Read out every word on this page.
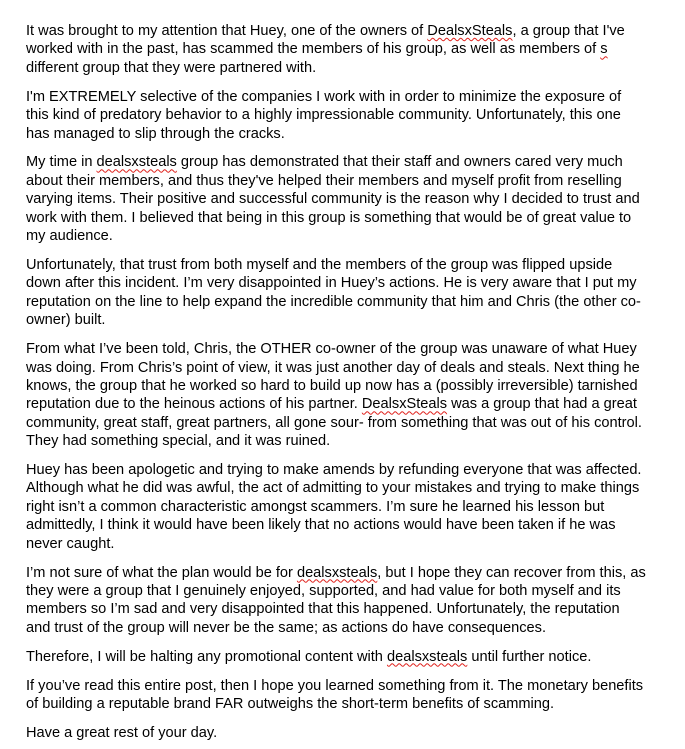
It was brought to my attention that Huey, one of the owners of DealsxSteals, a group that I've
worked with in the past, has scammed the members of his group, as well as members of s
different group that they were partnered with.

I'm EXTREMELY selective of the companies I work with in order to minimize the exposure of
this kind of predatory behavior to a highly impressionable community. Unfortunately, this one
has managed to slip through the cracks.

My time in dealsxsteals group has demonstrated that their staff and owners cared very much
about their members, and thus they've helped their members and myself profit from reselling
varying items. Their positive and successful community is the reason why I decided to trust and
work with them. I believed that being in this group is something that would be of great value to
my audience.

Unfortunately, that trust from both myself and the members of the group was flipped upside
down after this incident. I’m very disappointed in Huey’s actions. He is very aware that I put my
reputation on the line to help expand the incredible community that him and Chris (the other co-
owner) built.

From what I’ve been told, Chris, the OTHER co-owner of the group was unaware of what Huey
was doing. From Chris’s point of view, it was just another day of deals and steals. Next thing he
knows, the group that he worked so hard to build up now has a (possibly irreversible) tarnished
reputation due to the heinous actions of his partner. DealsxSteals was a group that had a great
community, great staff, great partners, all gone sour- from something that was out of his control.
They had something special, and it was ruined.

Huey has been apologetic and trying to make amends by refunding everyone that was affected.
Although what he did was awful, the act of admitting to your mistakes and trying to make things
right isn’t a common characteristic amongst scammers. I’m sure he learned his lesson but
admittedly, I think it would have been likely that no actions would have been taken if he was
never caught.

I’m not sure of what the plan would be for dealsxsteals, but I hope they can recover from this, as
they were a group that I genuinely enjoyed, supported, and had value for both myself and its
members so I’m sad and very disappointed that this happened. Unfortunately, the reputation
and trust of the group will never be the same; as actions do have consequences.

Therefore, I will be halting any promotional content with dealsxsteals until further notice.

If you’ve read this entire post, then I hope you learned something from it. The monetary benefits
of building a reputable brand FAR outweighs the short-term benefits of scamming.

Have a great rest of your day.
